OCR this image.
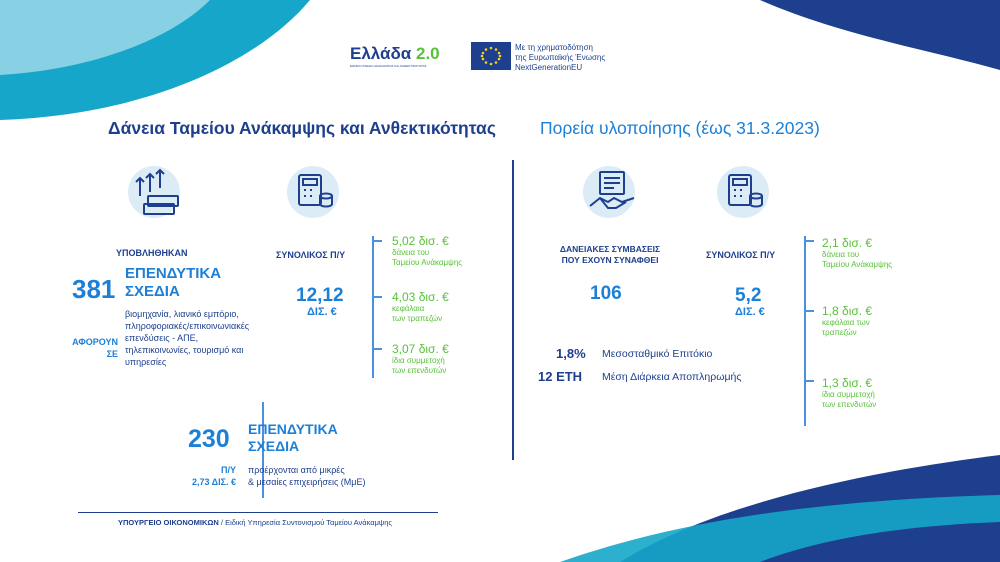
Ελλάδα 2.0
ΕΘΝΙΚΟ ΣΧΕΔΙΟ ΑΝΑΚΑΜΨΗΣ ΚΑΙ ΑΝΘΕΚΤΙΚΟΤΗΤΑΣ
Με τη χρηματοδότηση
της Ευρωπαϊκής Ένωσης
NextGenerationEU
Δάνεια Ταμείου Ανάκαμψης και Ανθεκτικότητας	Πορεία υλοποίησης (έως 31.3.2023)
ΥΠΟΒΛΗΘΗΚΑΝ
381
ΕΠΕΝΔΥΤΙΚΑ
ΣΧΕΔΙΑ
ΑΦΟΡΟΥΝ
ΣΕ
βιομηχανία, λιανικό εμπόριο, πληροφοριακές/επικοινωνιακές επενδύσεις - ΑΠΕ, τηλεπικοινωνίες, τουρισμό και υπηρεσίες
ΣΥΝΟΛΙΚΟΣ Π/Υ
12,12
ΔΙΣ. €
5,02 δισ. €
δάνεια του
Ταμείου Ανάκαμψης
4,03 δισ. €
κεφάλαια
των τραπεζών
3,07 δισ. €
ίδια συμμετοχή
των επενδυτών
230 ΕΠΕΝΔΥΤΙΚΑ
ΣΧΕΔΙΑ
Π/Υ
2,73 ΔΙΣ. €
προέρχονται από μικρές
& μεσαίες επιχειρήσεις (ΜμΕ)
ΔΑΝΕΙΑΚΕΣ ΣΥΜΒΑΣΕΙΣ
ΠΟΥ ΕΧΟΥΝ ΣΥΝΑΦΘΕΙ
106
ΣΥΝΟΛΙΚΟΣ Π/Υ
5,2
ΔΙΣ. €
2,1 δισ. €
δάνεια του
Ταμείου Ανάκαμψης
1,8 δισ. €
κεφάλαια των
τραπεζών
1,3 δισ. €
ίδια συμμετοχή
των επενδυτών
1,8% Μεσοσταθμικό Επιτόκιο
12 ΕΤΗ Μέση Διάρκεια Αποπληρωμής
ΥΠΟΥΡΓΕΙΟ ΟΙΚΟΝΟΜΙΚΩΝ / Ειδική Υπηρεσία Συντονισμού Ταμείου Ανάκαμψης
